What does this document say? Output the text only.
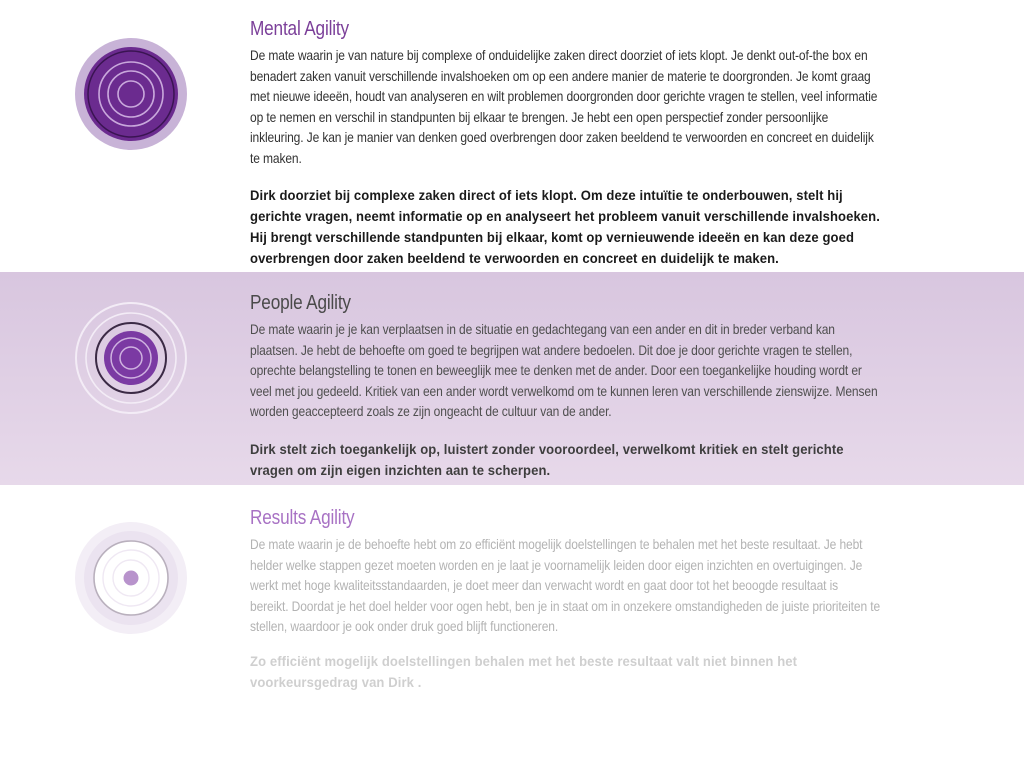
Mental Agility

De mate waarin je van nature bij complexe of onduidelijke zaken direct doorziet of iets klopt. Je denkt out-of-the box en
benadert zaken vanuit verschillende invalshoeken om op een andere manier de materie te doorgronden. Je komt graag
met nieuwe ideeën, houdt van analyseren en wilt problemen doorgronden door gerichte vragen te stellen, veel informatie
op te nemen en verschil in standpunten bij elkaar te brengen. Je hebt een open perspectief zonder persoonlijke
inkleuring. Je kan je manier van denken goed overbrengen door zaken beeldend te verwoorden en concreet en duidelijk
te maken.

Dirk doorziet bij complexe zaken direct of iets klopt. Om deze intuïtie te onderbouwen, stelt hij
gerichte vragen, neemt informatie op en analyseert het probleem vanuit verschillende invalshoeken.
Hij brengt verschillende standpunten bij elkaar, komt op vernieuwende ideeën en kan deze goed
overbrengen door zaken beeldend te verwoorden en concreet en duidelijk te maken.

People Agility

De mate waarin je je kan verplaatsen in de situatie en gedachtegang van een ander en dit in breder verband kan
plaatsen. Je hebt de behoefte om goed te begrijpen wat andere bedoelen. Dit doe je door gerichte vragen te stellen,
oprechte belangstelling te tonen en beweeglijk mee te denken met de ander. Door een toegankelijke houding wordt er
veel met jou gedeeld. Kritiek van een ander wordt verwelkomd om te kunnen leren van verschillende zienswijze. Mensen
worden geaccepteerd zoals ze zijn ongeacht de cultuur van de ander.

Dirk stelt zich toegankelijk op, luistert zonder vooroordeel, verwelkomt kritiek en stelt gerichte
vragen om zijn eigen inzichten aan te scherpen.

Results Agility

De mate waarin je de behoefte hebt om zo efficiënt mogelijk doelstellingen te behalen met het beste resultaat. Je hebt
helder welke stappen gezet moeten worden en je laat je voornamelijk leiden door eigen inzichten en overtuigingen. Je
werkt met hoge kwaliteitsstandaarden, je doet meer dan verwacht wordt en gaat door tot het beoogde resultaat is
bereikt. Doordat je het doel helder voor ogen hebt, ben je in staat om in onzekere omstandigheden de juiste prioriteiten te
stellen, waardoor je ook onder druk goed blijft functioneren.

Zo efficiënt mogelijk doelstellingen behalen met het beste resultaat valt niet binnen het
voorkeursgedrag van Dirk .
